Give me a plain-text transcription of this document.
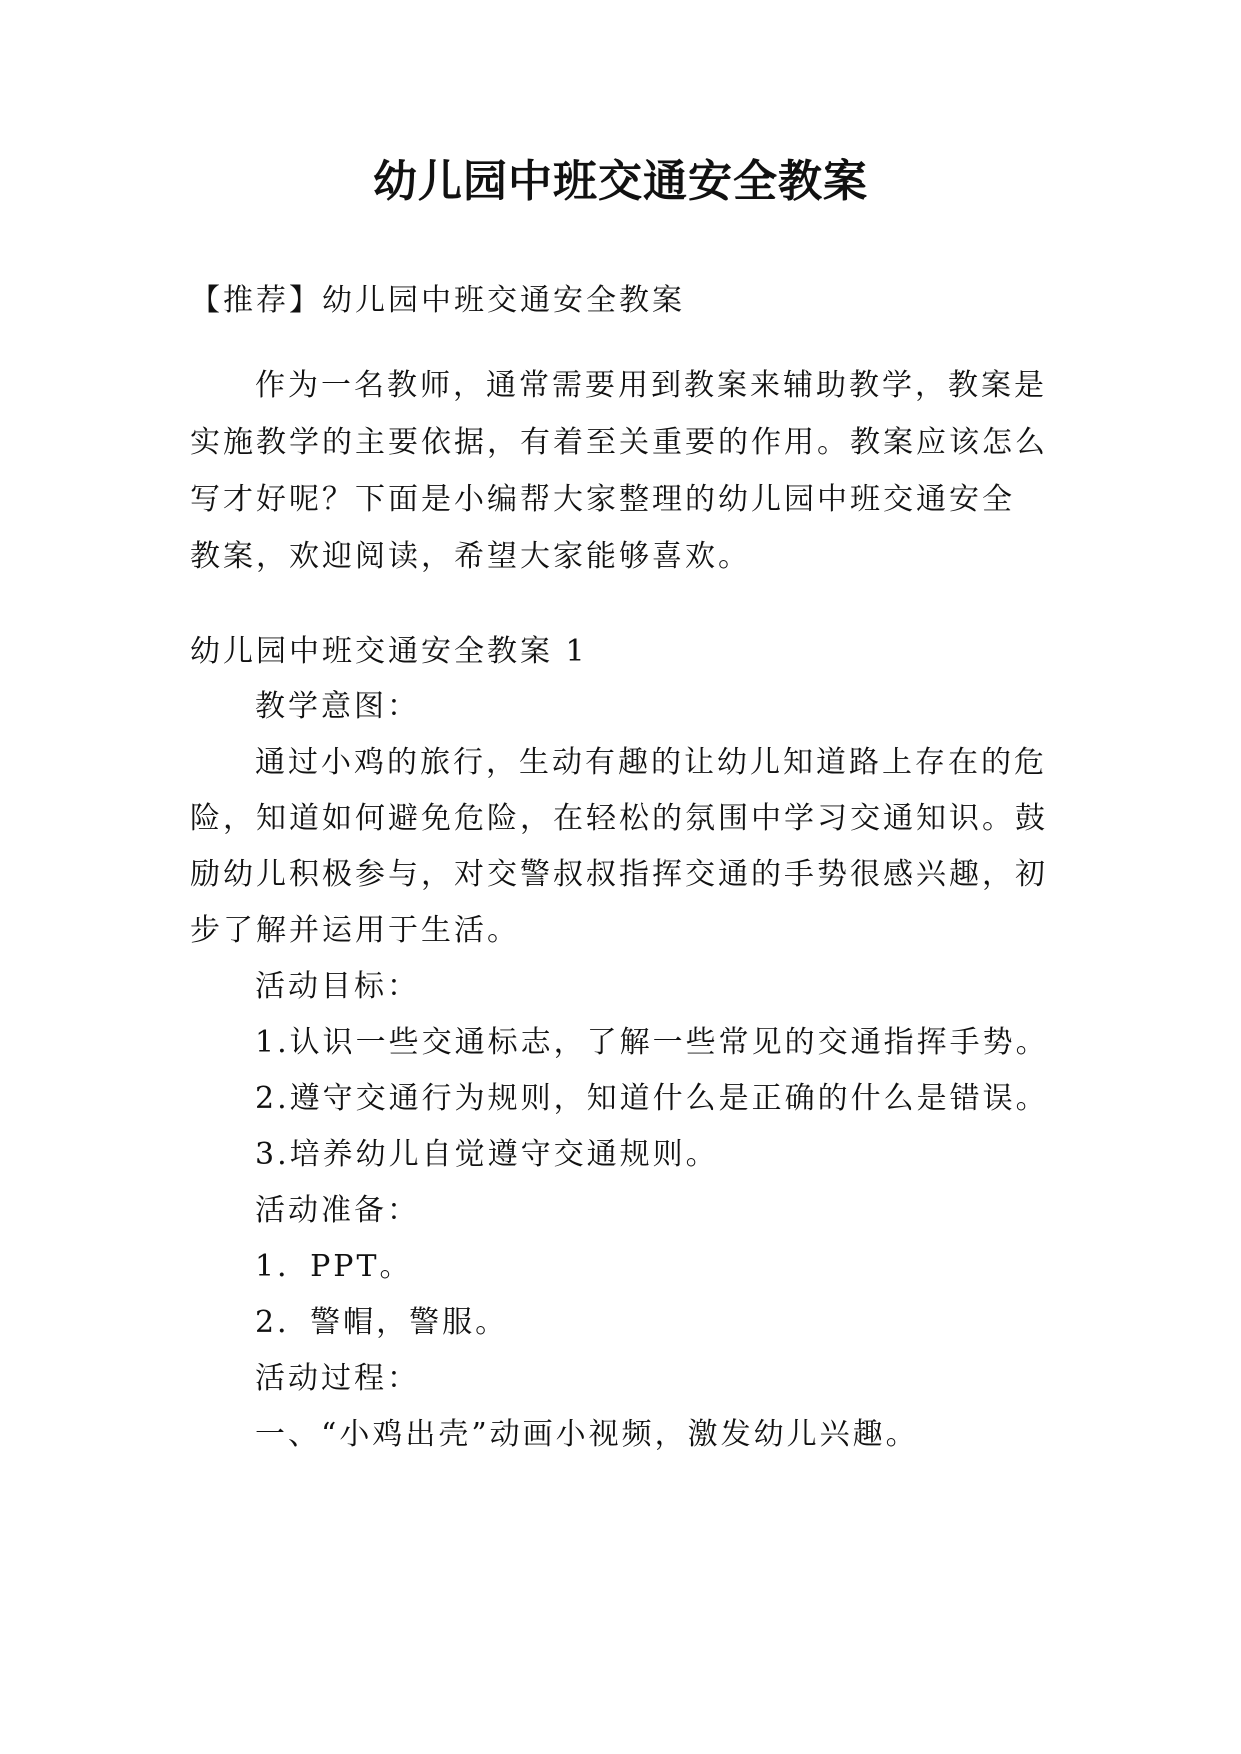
幼儿园中班交通安全教案
【推荐】幼儿园中班交通安全教案
作为一名教师，通常需要用到教案来辅助教学，教案是
实施教学的主要依据，有着至关重要的作用。教案应该怎么
写才好呢？下面是小编帮大家整理的幼儿园中班交通安全
教案，欢迎阅读，希望大家能够喜欢。
幼儿园中班交通安全教案 1
教学意图：
通过小鸡的旅行，生动有趣的让幼儿知道路上存在的危
险，知道如何避免危险，在轻松的氛围中学习交通知识。鼓
励幼儿积极参与，对交警叔叔指挥交通的手势很感兴趣，初
步了解并运用于生活。
活动目标：
1.认识一些交通标志，了解一些常见的交通指挥手势。
2.遵守交通行为规则，知道什么是正确的什么是错误。
3.培养幼儿自觉遵守交通规则。
活动准备：
1．PPT。
2．警帽，警服。
活动过程：
一、“小鸡出壳”动画小视频，激发幼儿兴趣。
